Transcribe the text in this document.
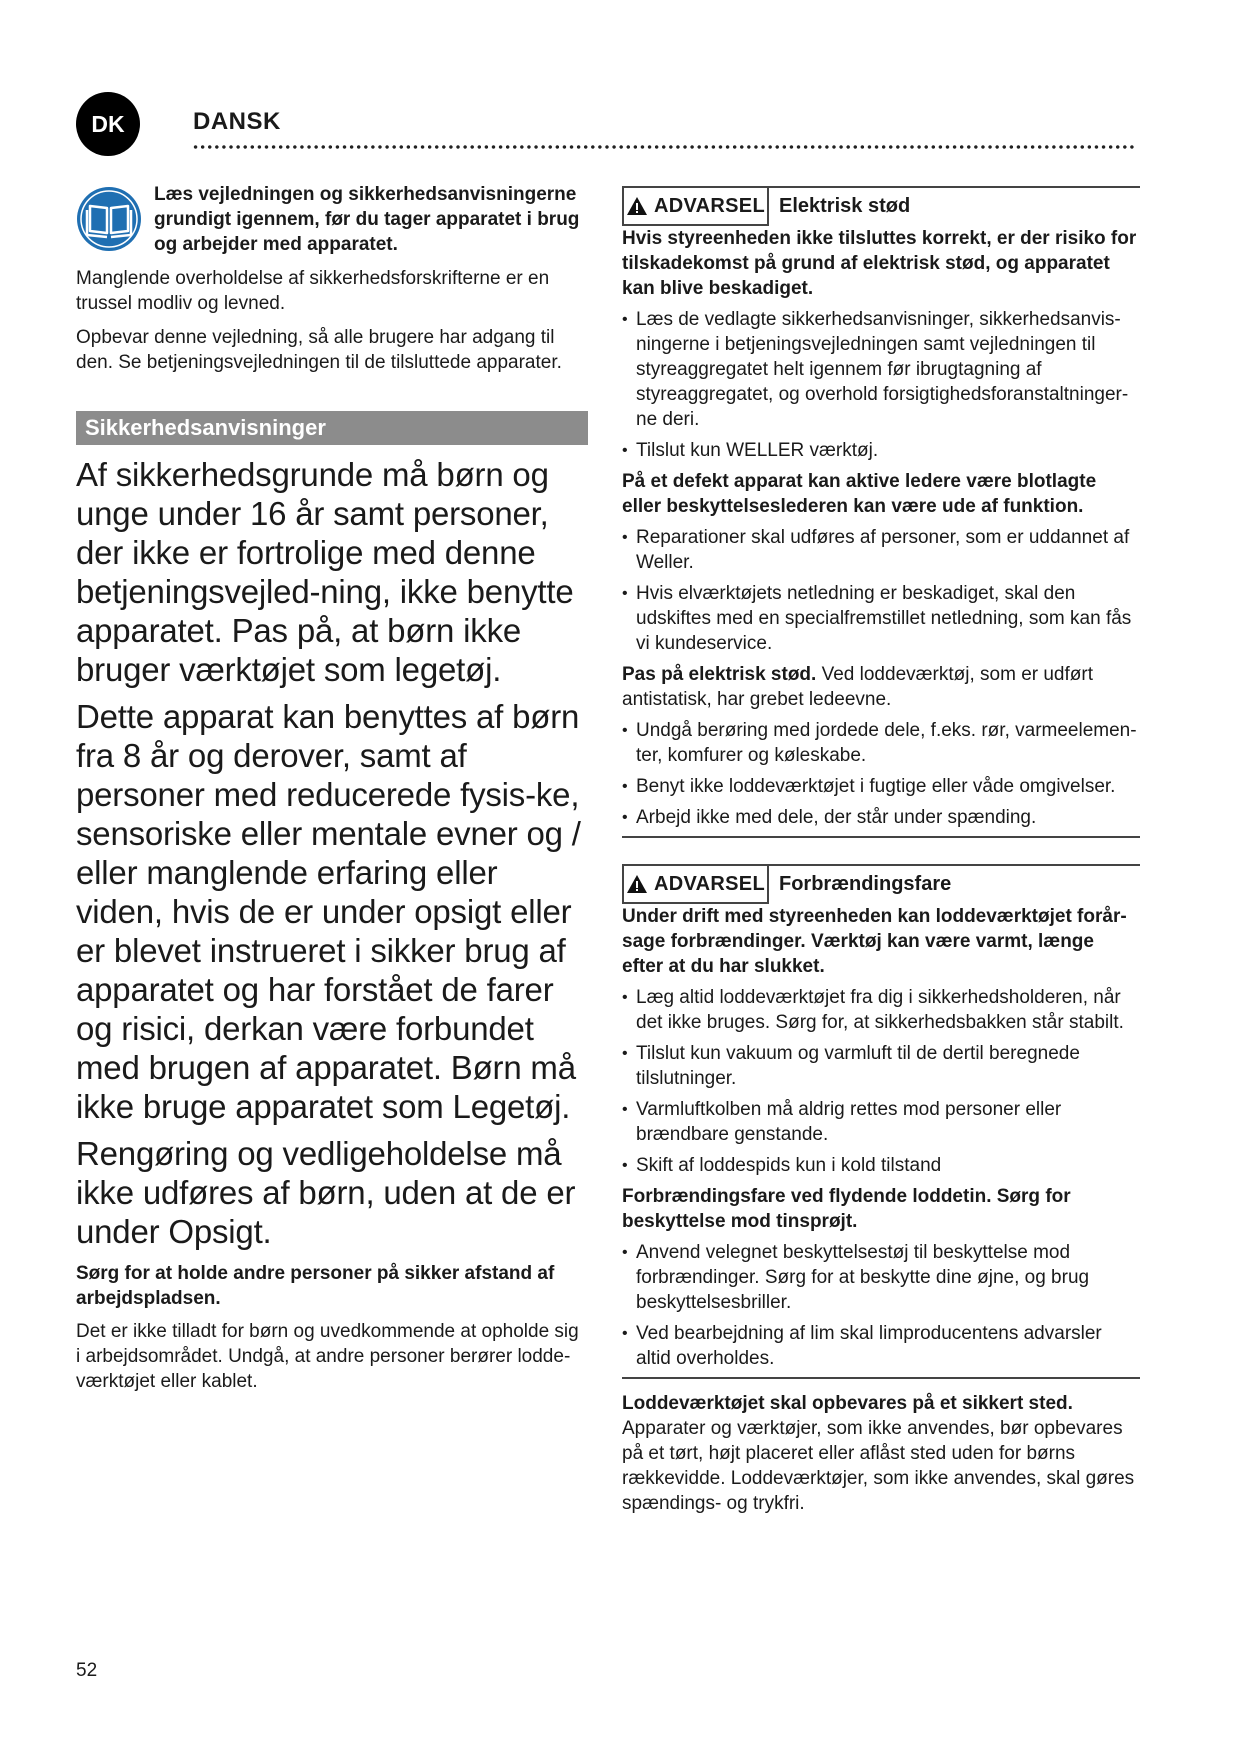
DK	DANSK
Læs vejledningen og sikkerhedsanvisningerne grundigt igennem, før du tager apparatet i brug og arbejder med apparatet.
Manglende overholdelse af sikkerhedsforskrifterne er en trussel modliv og levned.
Opbevar denne vejledning, så alle brugere har adgang til den. Se betjeningsvejledningen til de tilsluttede apparater.
Sikkerhedsanvisninger
Af sikkerhedsgrunde må børn og unge under 16 år samt personer, der ikke er fortrolige med denne betjeningsvejled-ning, ikke benytte apparatet. Pas på, at børn ikke bruger værktøjet som legetøj.
Dette apparat kan benyttes af børn fra 8 år og derover, samt af personer med reducerede fysis-ke, sensoriske eller mentale evner og / eller manglende erfaring eller viden, hvis de er under opsigt eller er blevet instrueret i sikker brug af apparatet og har forstået de farer og risici, derkan være forbundet med brugen af apparatet. Børn må ikke bruge apparatet som Legetøj.
Rengøring og vedligeholdelse må ikke udføres af børn, uden at de er under Opsigt.
Sørg for at holde andre personer på sikker afstand af arbejdspladsen.
Det er ikke tilladt for børn og uvedkommende at opholde sig i arbejdsområdet. Undgå, at andre personer berører lodde-værktøjet eller kablet.
ADVARSEL Elektrisk stød
Hvis styreenheden ikke tilsluttes korrekt, er der risiko for tilskadekomst på grund af elektrisk stød, og apparatet kan blive beskadiget.
• Læs de vedlagte sikkerhedsanvisninger, sikkerhedsanvis-ningerne i betjeningsvejledningen samt vejledningen til styreaggregatet helt igennem før ibrugtagning af styreaggregatet, og overhold forsigtighedsforanstaltninger-ne deri.
• Tilslut kun WELLER værktøj.
På et defekt apparat kan aktive ledere være blotlagte eller beskyttelseslederen kan være ude af funktion.
• Reparationer skal udføres af personer, som er uddannet af Weller.
• Hvis elværktøjets netledning er beskadiget, skal den udskiftes med en specialfremstillet netledning, som kan fås vi kundeservice.
Pas på elektrisk stød. Ved loddeværktøj, som er udført antistatisk, har grebet ledeevne.
• Undgå berøring med jordede dele, f.eks. rør, varmeelemen-ter, komfurer og køleskabe.
• Benyt ikke loddeværktøjet i fugtige eller våde omgivelser.
• Arbejd ikke med dele, der står under spænding.
ADVARSEL Forbrændingsfare
Under drift med styreenheden kan loddeværktøjet forår-sage forbrændinger. Værktøj kan være varmt, længe efter at du har slukket.
• Læg altid loddeværktøjet fra dig i sikkerhedsholderen, når det ikke bruges. Sørg for, at sikkerhedsbakken står stabilt.
• Tilslut kun vakuum og varmluft til de dertil beregnede tilslutninger.
• Varmluftkolben må aldrig rettes mod personer eller brændbare genstande.
• Skift af loddespids kun i kold tilstand
Forbrændingsfare ved flydende loddetin. Sørg for beskyttelse mod tinsprøjt.
• Anvend velegnet beskyttelsestøj til beskyttelse mod forbrændinger. Sørg for at beskytte dine øjne, og brug beskyttelsesbriller.
• Ved bearbejdning af lim skal limproducentens advarsler altid overholdes.
Loddeværktøjet skal opbevares på et sikkert sted.
Apparater og værktøjer, som ikke anvendes, bør opbevares på et tørt, højt placeret eller aflåst sted uden for børns rækkevidde. Loddeværktøjer, som ikke anvendes, skal gøres spændings- og trykfri.
52
